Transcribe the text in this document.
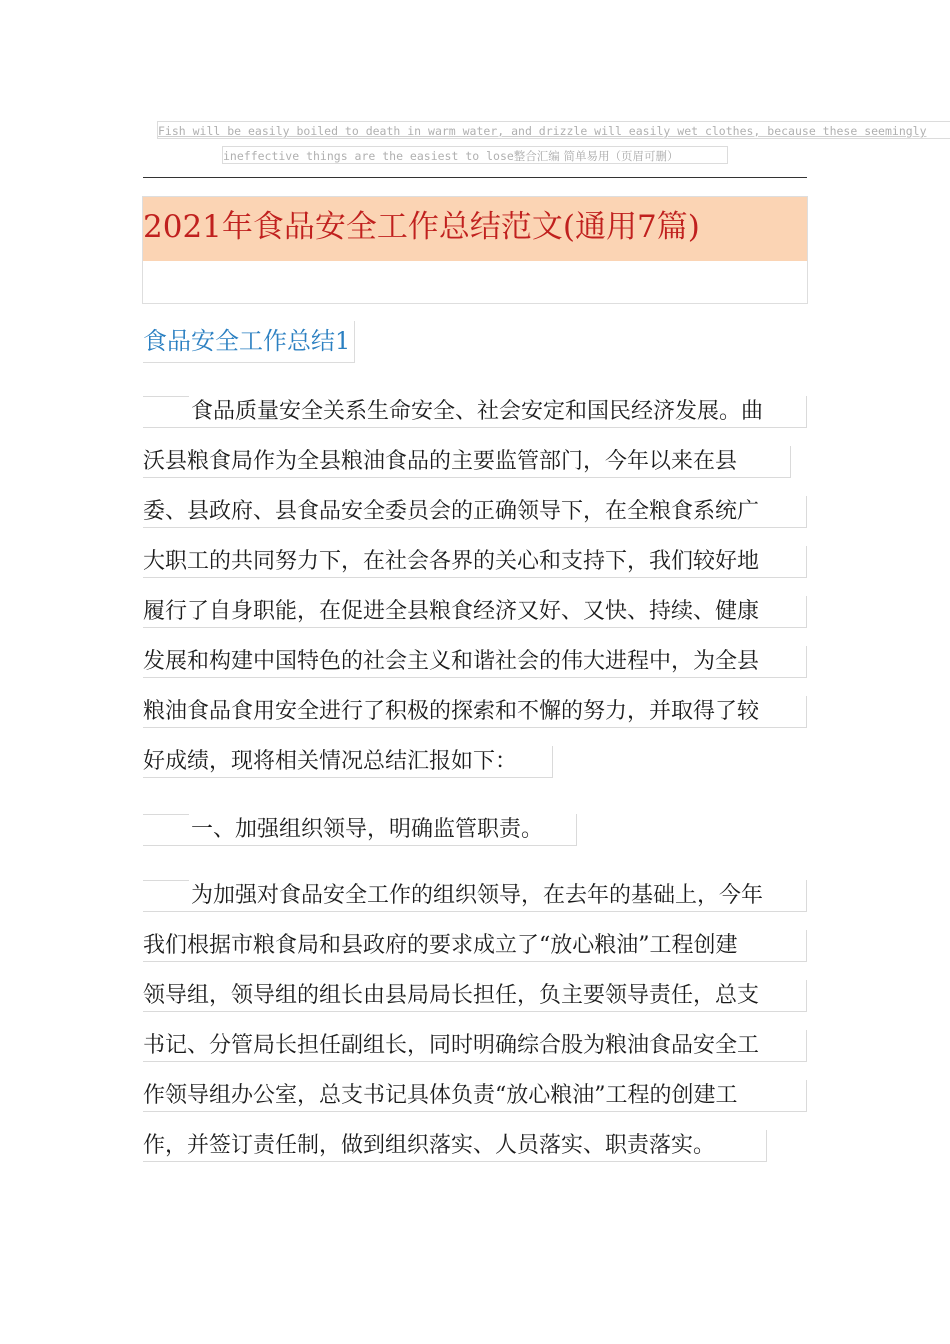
Fish will be easily boiled to death in warm water, and drizzle will easily wet clothes, because these seemingly
ineffective things are the easiest to lose整合汇编 简单易用（页眉可删）
2021年食品安全工作总结范文(通用7篇)
食品安全工作总结1
食品质量安全关系生命安全、社会安定和国民经济发展。曲
沃县粮食局作为全县粮油食品的主要监管部门，今年以来在县
委、县政府、县食品安全委员会的正确领导下，在全粮食系统广
大职工的共同努力下，在社会各界的关心和支持下，我们较好地
履行了自身职能，在促进全县粮食经济又好、又快、持续、健康
发展和构建中国特色的社会主义和谐社会的伟大进程中，为全县
粮油食品食用安全进行了积极的探索和不懈的努力，并取得了较
好成绩，现将相关情况总结汇报如下：
一、加强组织领导，明确监管职责。
为加强对食品安全工作的组织领导，在去年的基础上，今年
我们根据市粮食局和县政府的要求成立了“放心粮油”工程创建
领导组，领导组的组长由县局局长担任，负主要领导责任，总支
书记、分管局长担任副组长，同时明确综合股为粮油食品安全工
作领导组办公室，总支书记具体负责“放心粮油”工程的创建工
作，并签订责任制，做到组织落实、人员落实、职责落实。
